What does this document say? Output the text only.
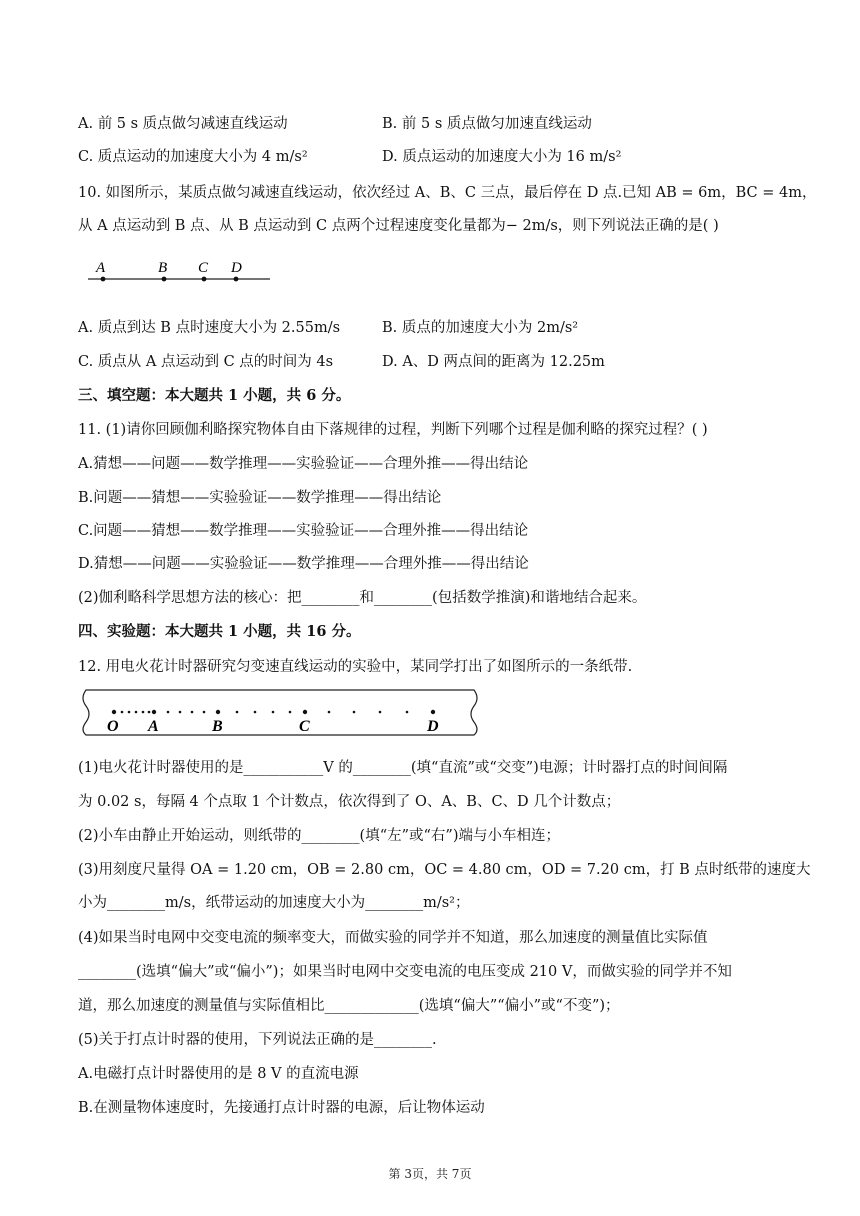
A. 前 5 s 质点做匀减速直线运动	B. 前 5 s 质点做匀加速直线运动
C. 质点运动的加速度大小为 4 m/s²	D. 质点运动的加速度大小为 16 m/s²
10. 如图所示，某质点做匀减速直线运动，依次经过 A、B、C 三点，最后停在 D 点.已知 AB = 6m，BC = 4m，
从 A 点运动到 B 点、从 B 点运动到 C 点两个过程速度变化量都为− 2m/s，则下列说法正确的是( )
A	B C D
A. 质点到达 B 点时速度大小为 2.55m/s	B. 质点的加速度大小为 2m/s²
C. 质点从 A 点运动到 C 点的时间为 4s	D. A、D 两点间的距离为 12.25m
三、填空题：本大题共 1 小题，共 6 分。
11. (1)请你回顾伽利略探究物体自由下落规律的过程，判断下列哪个过程是伽利略的探究过程？( )
A.猜想——问题——数学推理——实验验证——合理外推——得出结论
B.问题——猜想——实验验证——数学推理——得出结论
C.问题——猜想——数学推理——实验验证——合理外推——得出结论
D.猜想——问题——实验验证——数学推理——合理外推——得出结论
(2)伽利略科学思想方法的核心：把________和________(包括数学推演)和谐地结合起来。
四、实验题：本大题共 1 小题，共 16 分。
12. 用电火花计时器研究匀变速直线运动的实验中，某同学打出了如图所示的一条纸带.
O A	B	C	D
(1)电火花计时器使用的是___________V 的________(填“直流”或“交变”)电源；计时器打点的时间间隔
为 0.02 s，每隔 4 个点取 1 个计数点，依次得到了 O、A、B、C、D 几个计数点；
(2)小车由静止开始运动，则纸带的________(填“左”或“右”)端与小车相连；
(3)用刻度尺量得 OA = 1.20 cm，OB = 2.80 cm，OC = 4.80 cm，OD = 7.20 cm，打 B 点时纸带的速度大
小为________m/s，纸带运动的加速度大小为________m/s²；
(4)如果当时电网中交变电流的频率变大，而做实验的同学并不知道，那么加速度的测量值比实际值
________(选填“偏大”或“偏小”)；如果当时电网中交变电流的电压变成 210 V，而做实验的同学并不知
道，那么加速度的测量值与实际值相比_____________(选填“偏大”“偏小”或“不变”)；
(5)关于打点计时器的使用，下列说法正确的是________.
A.电磁打点计时器使用的是 8 V 的直流电源
B.在测量物体速度时，先接通打点计时器的电源，后让物体运动
第 3页，共 7页
